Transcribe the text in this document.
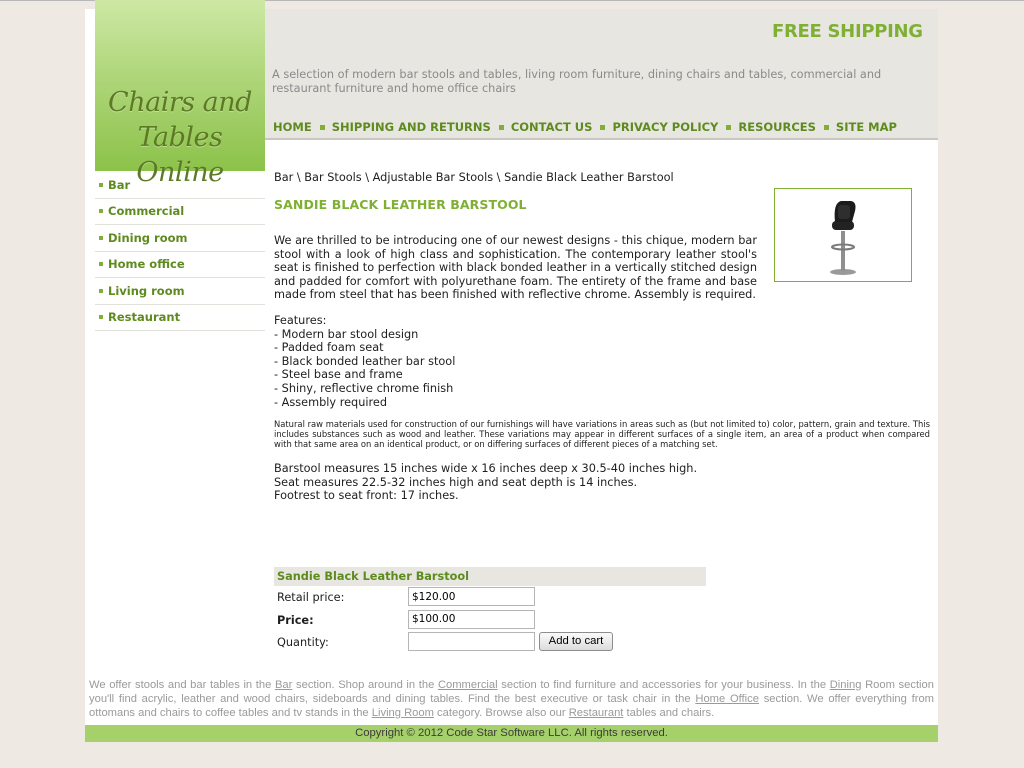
Chairs and
Tables Online
FREE SHIPPING
A selection of modern bar stools and tables, living room furniture, dining chairs and tables, commercial and restaurant furniture and home office chairs
HOME SHIPPING AND RETURNS CONTACT US PRIVACY POLICY RESOURCES SITE MAP
Bar
Commercial
Dining room
Home office
Living room
Restaurant
Bar \ Bar Stools \ Adjustable Bar Stools \ Sandie Black Leather Barstool
SANDIE BLACK LEATHER BARSTOOL
We are thrilled to be introducing one of our newest designs - this chique, modern bar stool with a look of high class and sophistication. The contemporary leather stool's seat is finished to perfection with black bonded leather in a vertically stitched design and padded for comfort with polyurethane foam. The entirety of the frame and base made from steel that has been finished with reflective chrome. Assembly is required.
Features:
- Modern bar stool design
- Padded foam seat
- Black bonded leather bar stool
- Steel base and frame
- Shiny, reflective chrome finish
- Assembly required
Natural raw materials used for construction of our furnishings will have variations in areas such as (but not limited to) color, pattern, grain and texture. This includes substances such as wood and leather. These variations may appear in different surfaces of a single item, an area of a product when compared with that same area on an identical product, or on differing surfaces of different pieces of a matching set.
Barstool measures 15 inches wide x 16 inches deep x 30.5-40 inches high.
Seat measures 22.5-32 inches high and seat depth is 14 inches.
Footrest to seat front: 17 inches.
Sandie Black Leather Barstool
Retail price:
$120.00
Price:
$100.00
Quantity:	Add to cart
We offer stools and bar tables in the Bar section. Shop around in the Commercial section to find furniture and accessories for your business. In the Dining Room section you'll find acrylic, leather and wood chairs, sideboards and dining tables. Find the best executive or task chair in the Home Office section. We offer everything from ottomans and chairs to coffee tables and tv stands in the Living Room category. Browse also our Restaurant tables and chairs.
Copyright © 2012 Code Star Software LLC. All rights reserved.
